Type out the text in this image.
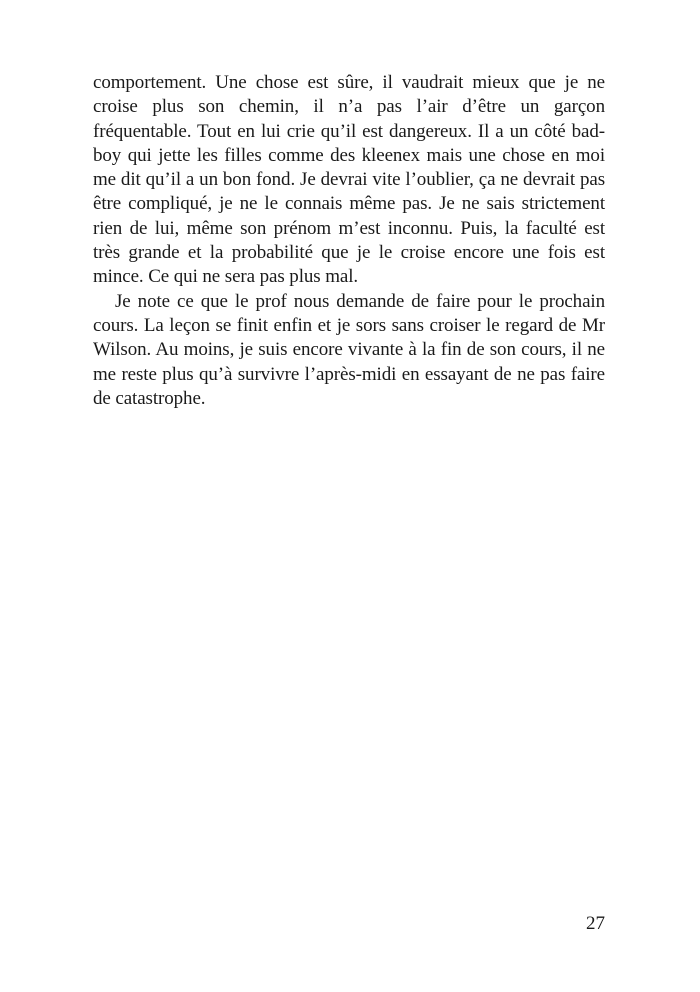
comportement. Une chose est sûre, il vaudrait mieux que je ne croise plus son chemin, il n’a pas l’air d’être un garçon fréquentable. Tout en lui crie qu’il est dangereux. Il a un côté bad-boy qui jette les filles comme des kleenex mais une chose en moi me dit qu’il a un bon fond. Je devrai vite l’oublier, ça ne devrait pas être compliqué, je ne le connais même pas. Je ne sais strictement rien de lui, même son prénom m’est inconnu. Puis, la faculté est très grande et la probabilité que je le croise encore une fois est mince. Ce qui ne sera pas plus mal.

Je note ce que le prof nous demande de faire pour le prochain cours. La leçon se finit enfin et je sors sans croiser le regard de Mr Wilson. Au moins, je suis encore vivante à la fin de son cours, il ne me reste plus qu’à survivre l’après-midi en essayant de ne pas faire de catastrophe.

27
